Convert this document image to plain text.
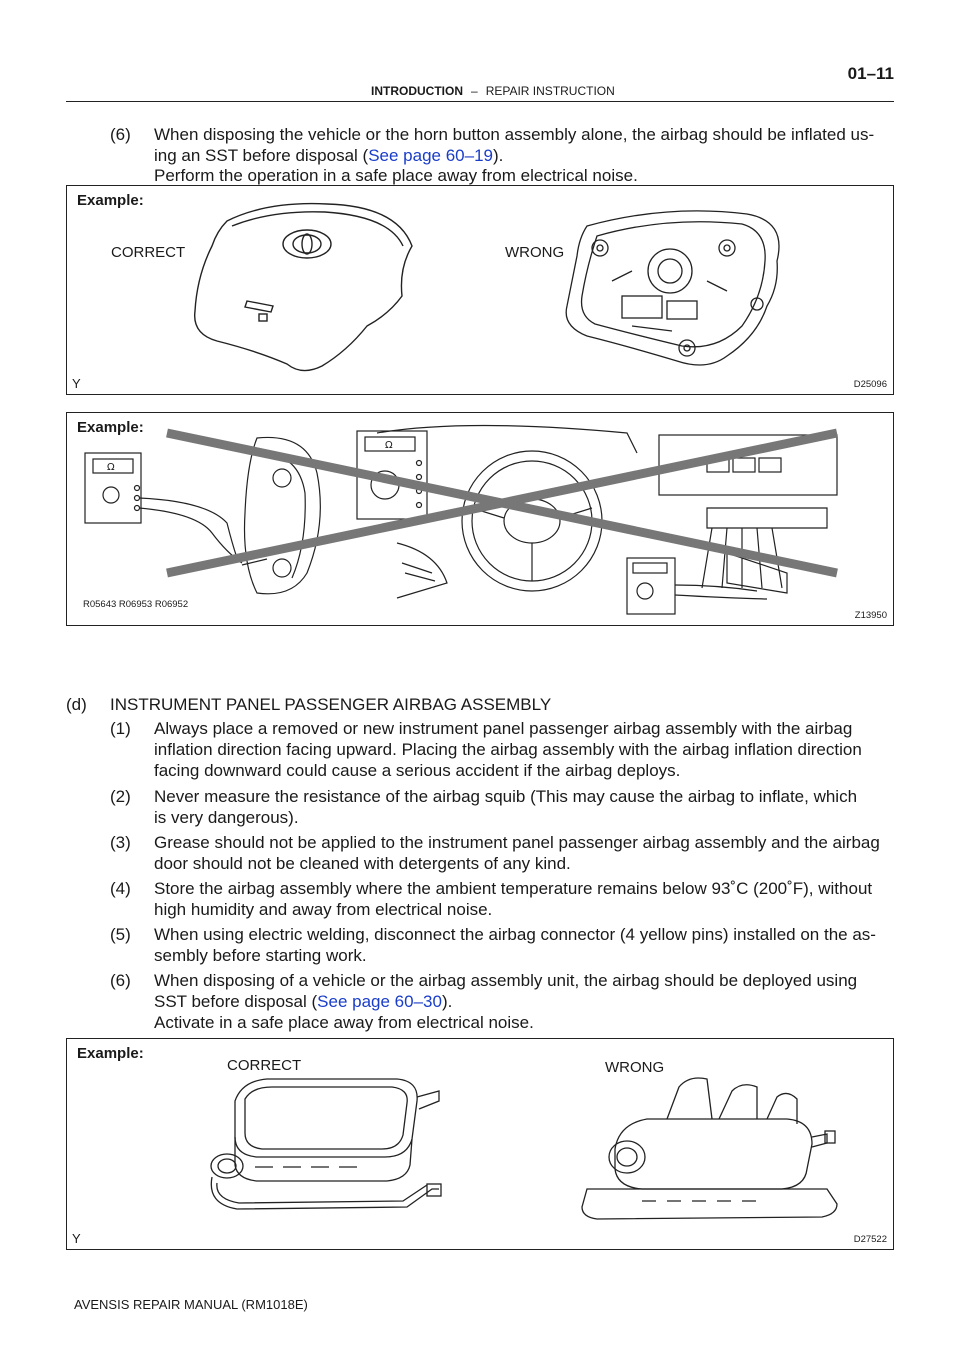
INTRODUCTION – REPAIR INSTRUCTION
01–11
(6) When disposing the vehicle or the horn button assembly alone, the airbag should be inflated us-
ing an SST before disposal (See page 60–19).
Perform the operation in a safe place away from electrical noise.
Example:
CORRECT	WRONG
Y	D25096
Example:
Ω
Ω
R05643 R06953 R06952
Z13950
(d) INSTRUMENT PANEL PASSENGER AIRBAG ASSEMBLY
(1) Always place a removed or new instrument panel passenger airbag assembly with the airbag
inflation direction facing upward. Placing the airbag assembly with the airbag inflation direction
facing downward could cause a serious accident if the airbag deploys.
(2) Never measure the resistance of the airbag squib (This may cause the airbag to inflate, which
is very dangerous).
(3) Grease should not be applied to the instrument panel passenger airbag assembly and the airbag
door should not be cleaned with detergents of any kind.
(4) Store the airbag assembly where the ambient temperature remains below 93˚C (200˚F), without
high humidity and away from electrical noise.
(5) When using electric welding, disconnect the airbag connector (4 yellow pins) installed on the as-
sembly before starting work.
(6) When disposing of a vehicle or the airbag assembly unit, the airbag should be deployed using
SST before disposal (See page 60–30).
Activate in a safe place away from electrical noise.
Example:
CORRECT	WRONG
Y	D27522
AVENSIS REPAIR MANUAL (RM1018E)
